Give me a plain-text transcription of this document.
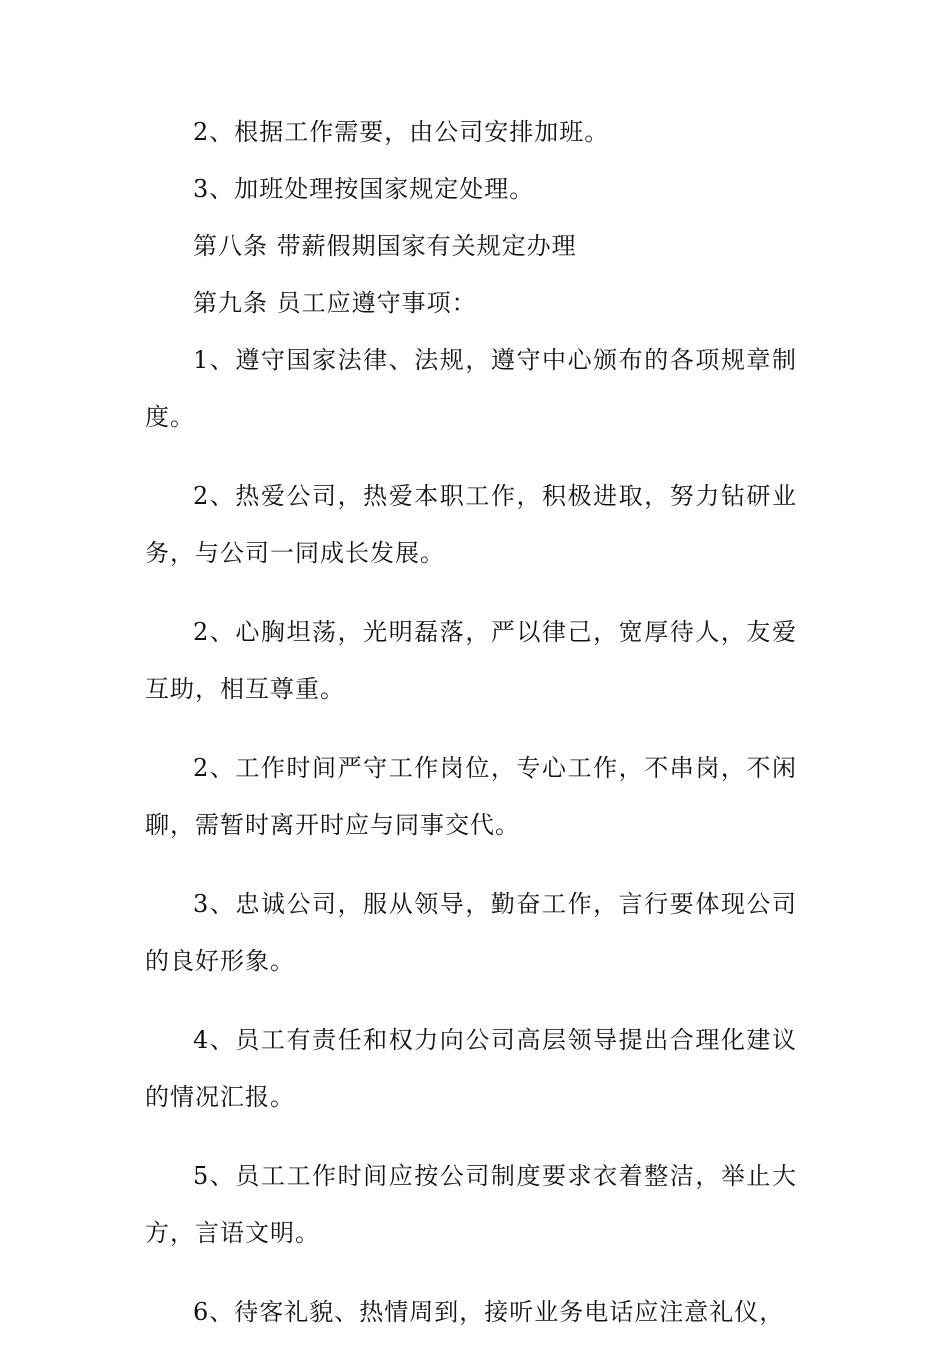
2、根据工作需要，由公司安排加班。

3、加班处理按国家规定处理。

第八条 带薪假期国家有关规定办理

第九条 员工应遵守事项：

1、遵守国家法律、法规，遵守中心颁布的各项规章制度。

2、热爱公司，热爱本职工作，积极进取，努力钻研业务，与公司一同成长发展。

2、心胸坦荡，光明磊落，严以律己，宽厚待人，友爱互助，相互尊重。

2、工作时间严守工作岗位，专心工作，不串岗，不闲聊，需暂时离开时应与同事交代。

3、忠诚公司，服从领导，勤奋工作，言行要体现公司的良好形象。

4、员工有责任和权力向公司高层领导提出合理化建议的情况汇报。

5、员工工作时间应按公司制度要求衣着整洁，举止大方，言语文明。

6、待客礼貌、热情周到，接听业务电话应注意礼仪，
